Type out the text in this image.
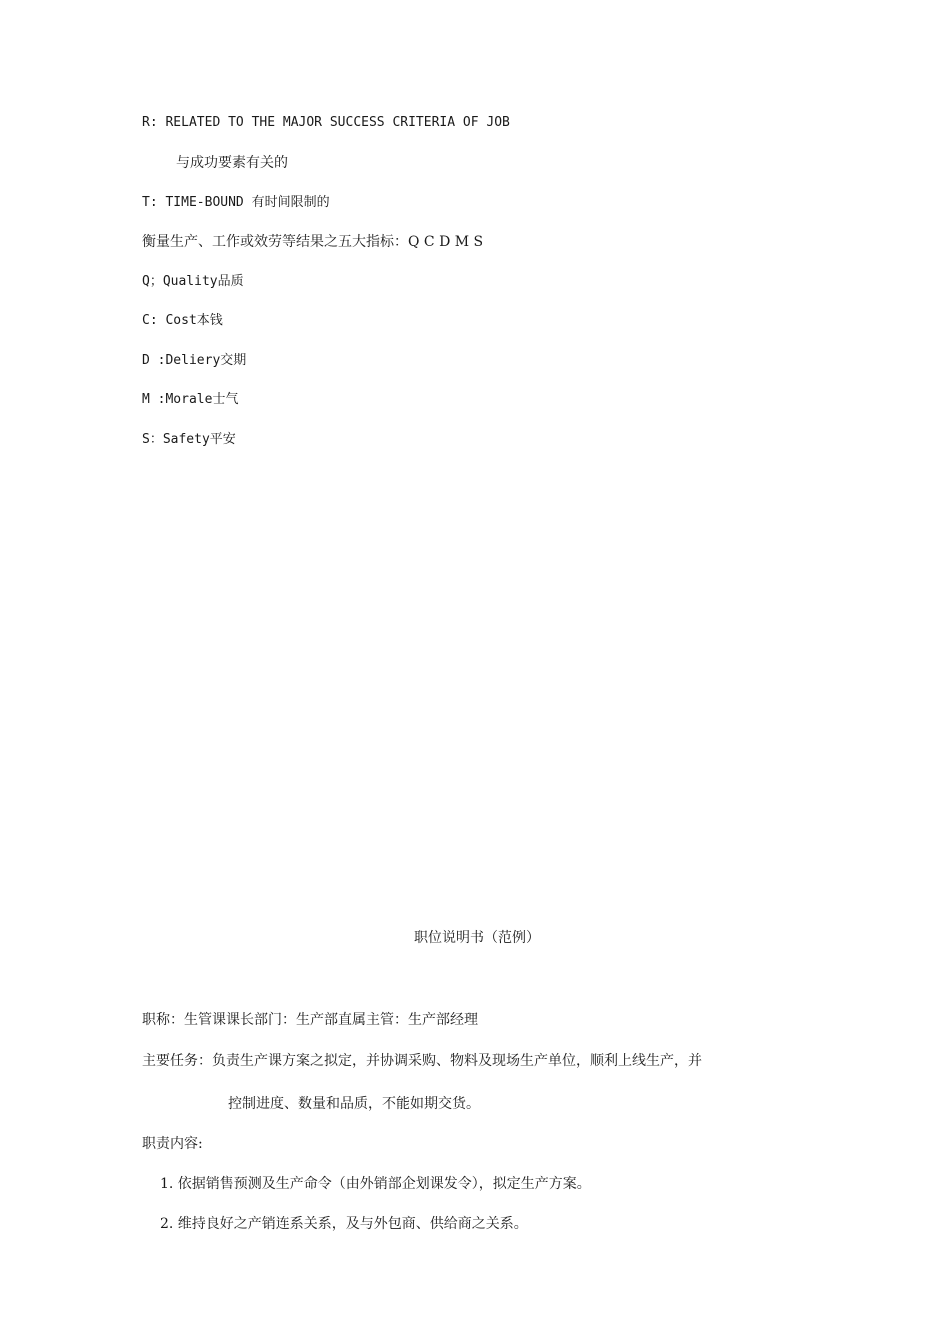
R: RELATED TO THE MAJOR SUCCESS CRITERIA OF JOB
与成功要素有关的
T: TIME-BOUND 有时间限制的
衡量生产、工作或效劳等结果之五大指标：Q C D M S
Q；Quality品质
C: Cost本钱
D :Deliery交期
M :Morale士气
S：Safety平安
职位说明书（范例）
职称：生管课课长部门：生产部直属主管：生产部经理
主要任务：负责生产课方案之拟定，并协调采购、物料及现场生产单位，顺利上线生产，并
控制进度、数量和品质，不能如期交货。
职责内容:
1. 依据销售预测及生产命令（由外销部企划课发令），拟定生产方案。
2. 维持良好之产销连系关系，及与外包商、供给商之关系。
